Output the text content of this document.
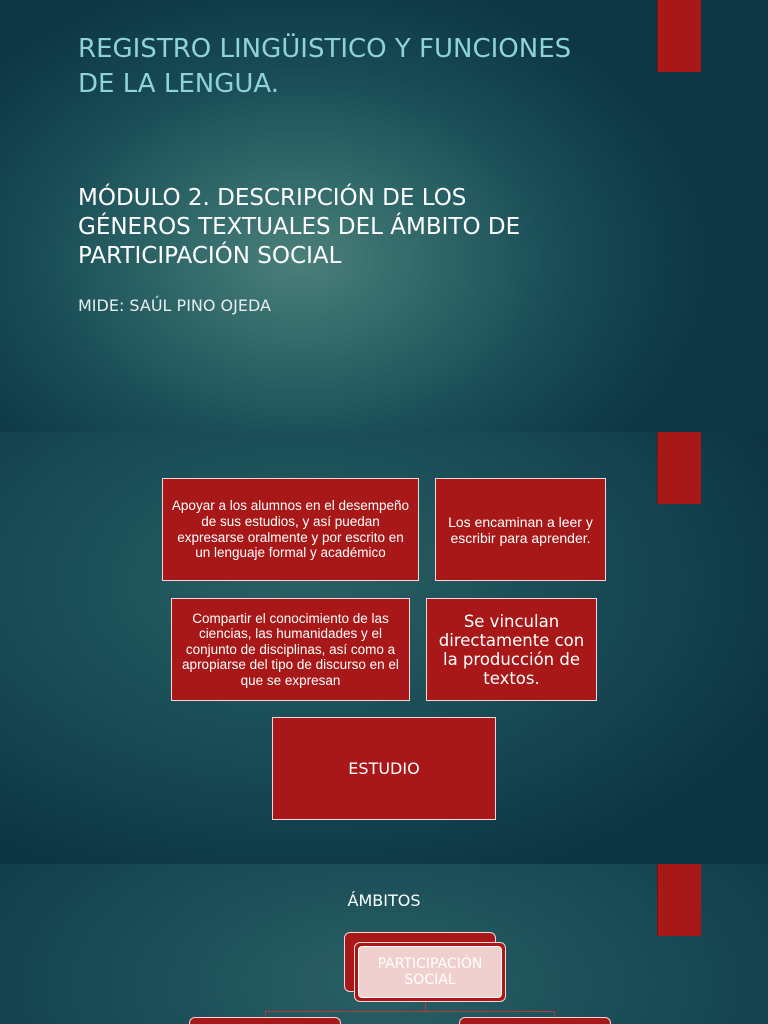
REGISTRO LINGÜISTICO Y FUNCIONES DE LA LENGUA.
MÓDULO 2. DESCRIPCIÓN DE LOS GÉNEROS TEXTUALES DEL ÁMBITO DE PARTICIPACIÓN SOCIAL

MIDE: SAÚL PINO OJEDA

Apoyar a los alumnos en el desempeño de sus estudios, y así puedan expresarse oralmente y por escrito en un lenguaje formal y académico
Los encaminan a leer y escribir para aprender.
Compartir el conocimiento de las ciencias, las humanidades y el conjunto de disciplinas, así como a apropiarse del tipo de discurso en el que se expresan
Se vinculan directamente con la producción de textos.
ESTUDIO

ÁMBITOS

PARTICIPACIÓN SOCIAL
